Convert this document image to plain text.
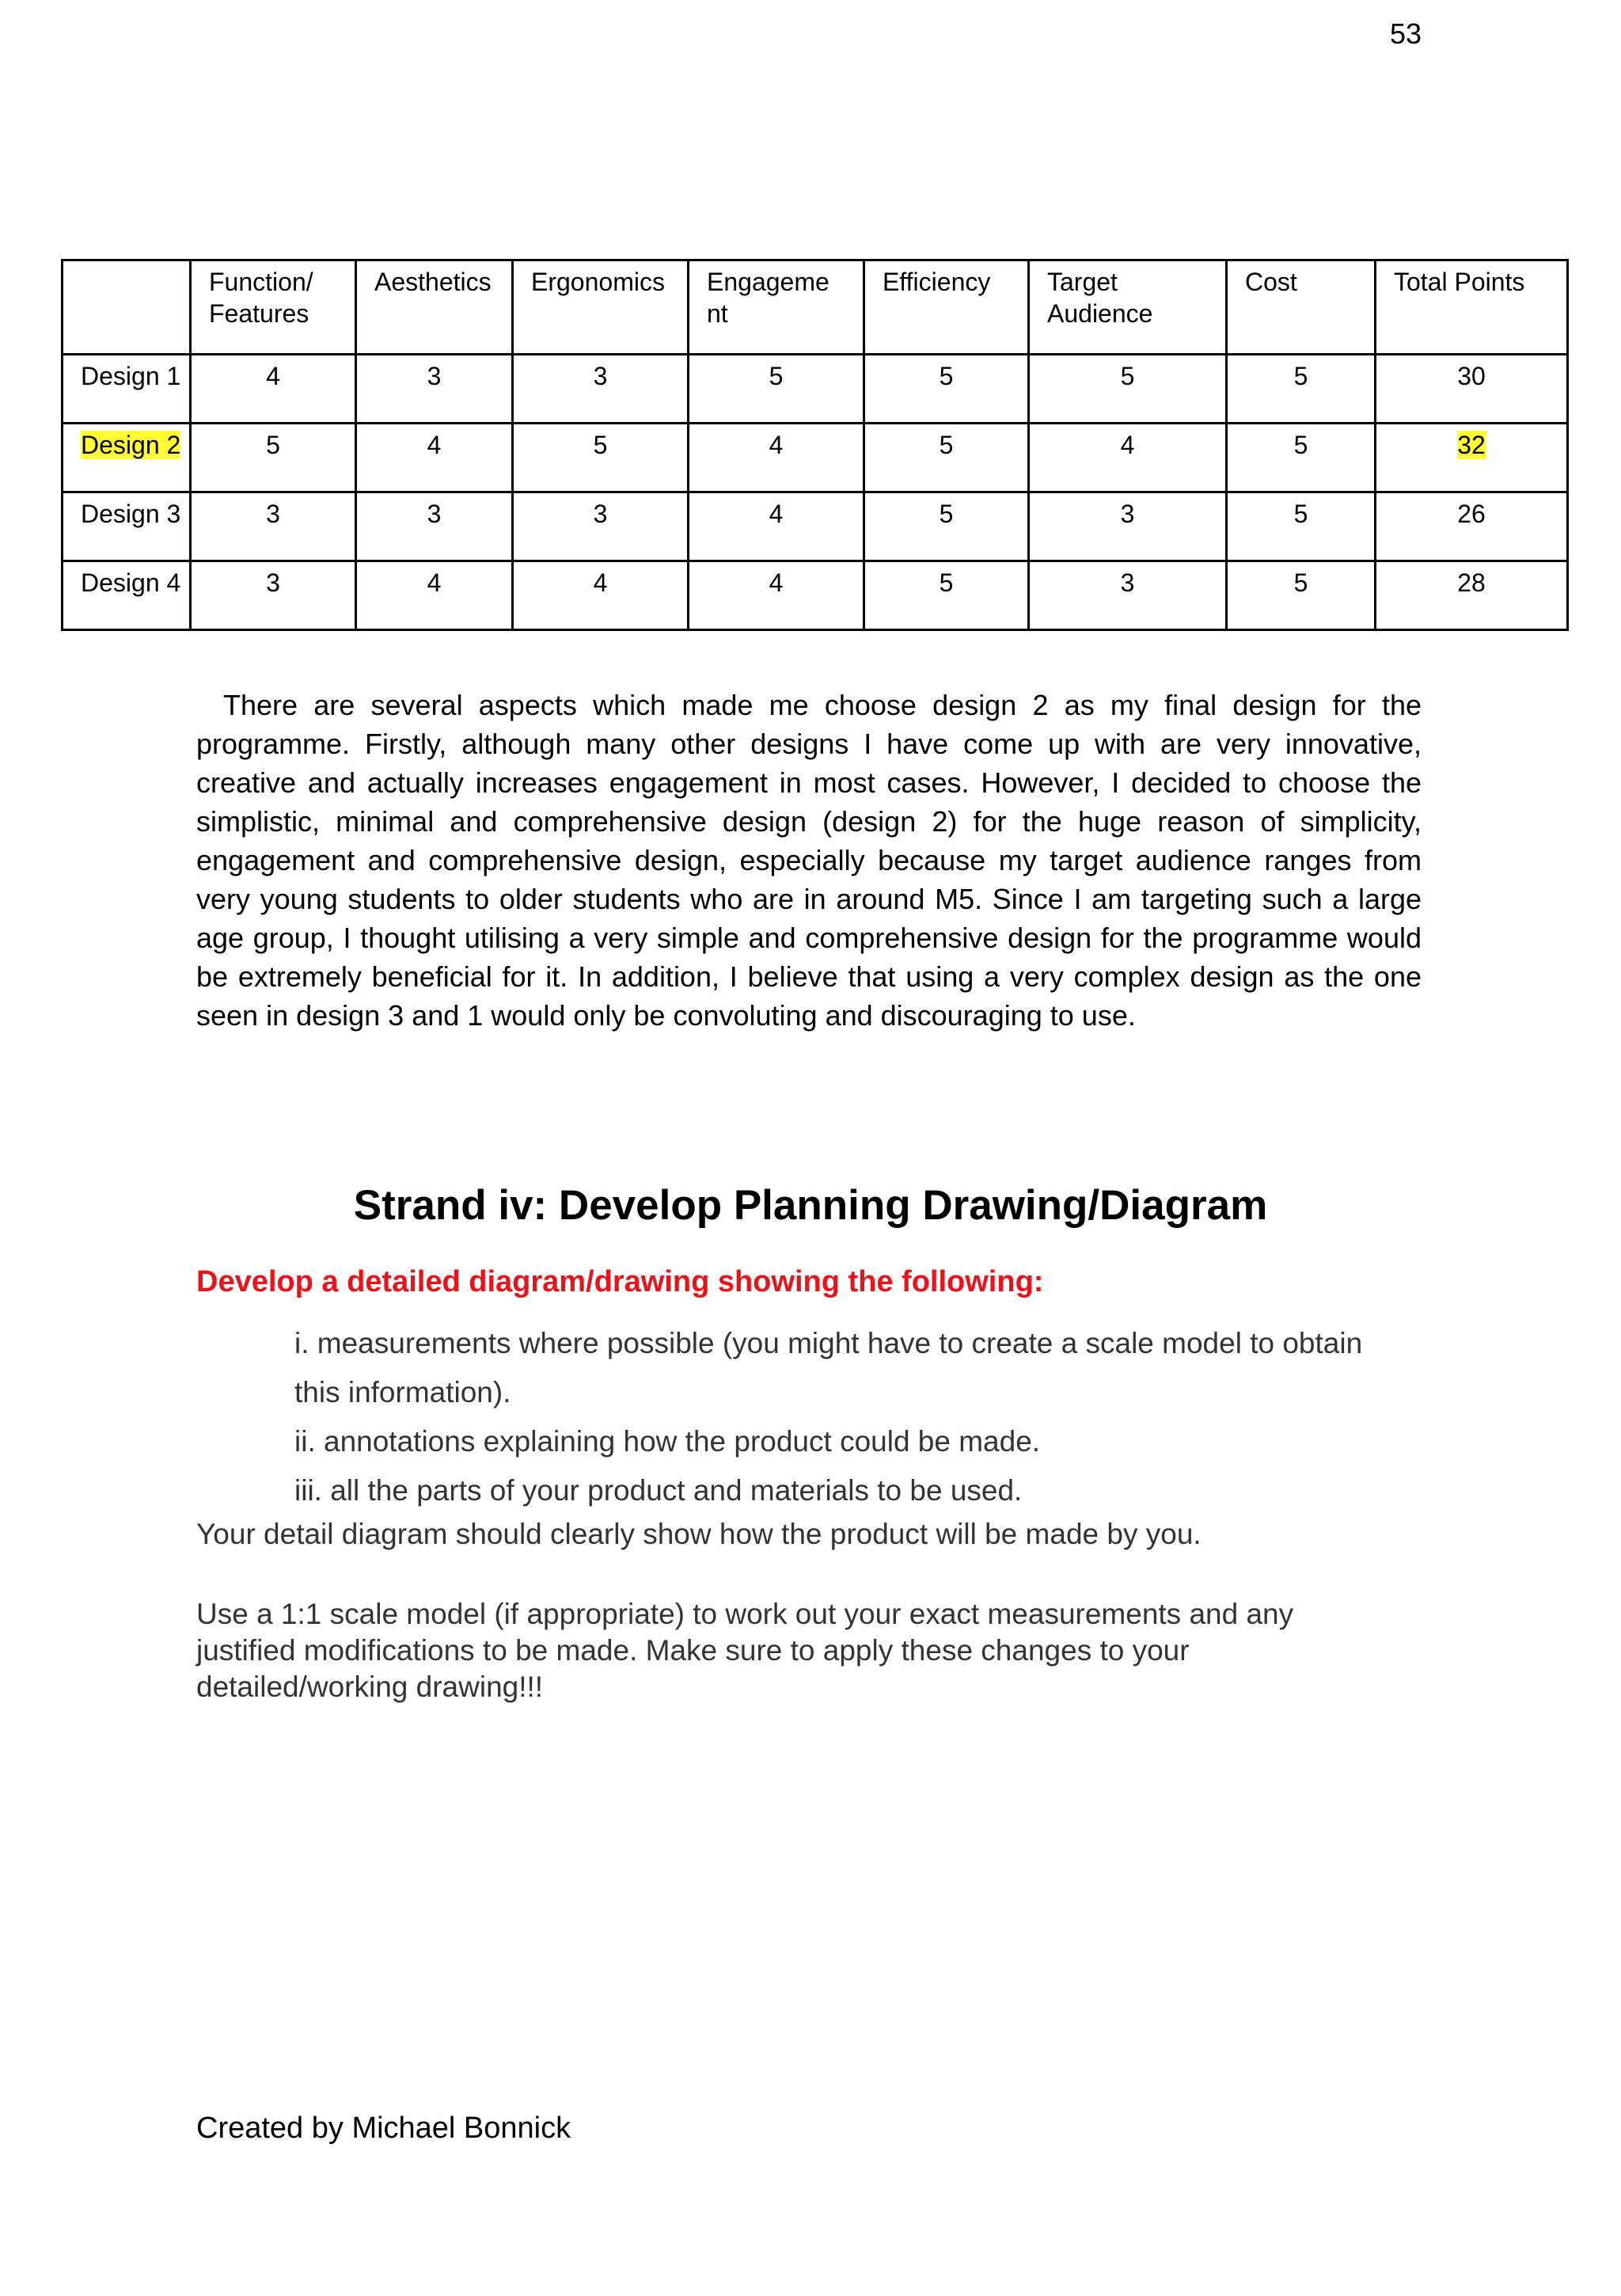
53
	Function/ Features	Aesthetics	Ergonomics	Engageme nt	Efficiency	Target Audience	Cost	Total Points
Design 1	4	3	3	5	5	5	5	30
Design 2	5	4	5	4	5	4	5	32
Design 3	3	3	3	4	5	3	5	26
Design 4	3	4	4	4	5	3	5	28

There are several aspects which made me choose design 2 as my final design for the programme. Firstly, although many other designs I have come up with are very innovative, creative and actually increases engagement in most cases. However, I decided to choose the simplistic, minimal and comprehensive design (design 2) for the huge reason of simplicity, engagement and comprehensive design, especially because my target audience ranges from very young students to older students who are in around M5. Since I am targeting such a large age group, I thought utilising a very simple and comprehensive design for the programme would be extremely beneficial for it. In addition, I believe that using a very complex design as the one seen in design 3 and 1 would only be convoluting and discouraging to use.

Strand iv: Develop Planning Drawing/Diagram

Develop a detailed diagram/drawing showing the following:

i. measurements where possible (you might have to create a scale model to obtain this information).
ii. annotations explaining how the product could be made.
iii. all the parts of your product and materials to be used.

Your detail diagram should clearly show how the product will be made by you.

Use a 1:1 scale model (if appropriate) to work out your exact measurements and any justified modifications to be made. Make sure to apply these changes to your detailed/working drawing!!!

Created by Michael Bonnick
